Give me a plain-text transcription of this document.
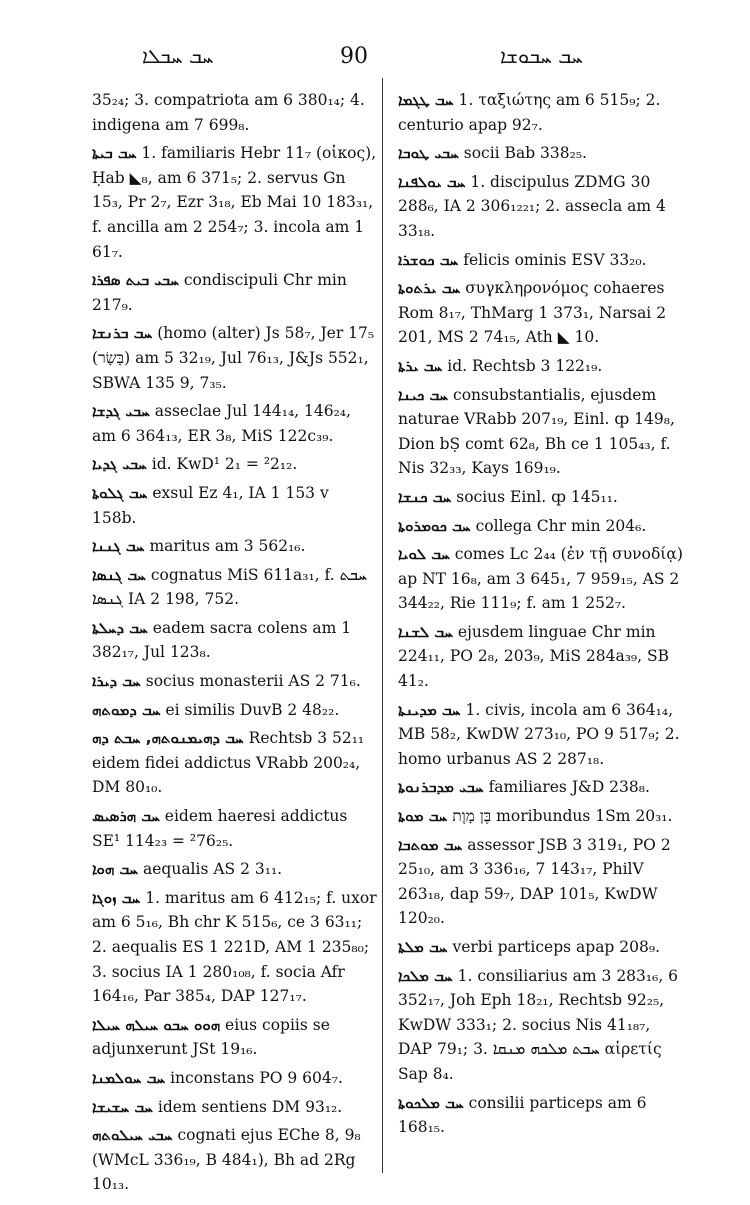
ܚܒ ܚܒܠܐ	90	ܚܒ ܚܒܘܫܐ
35₂₄; 3. compatriota am 6 380₁₄; 4. indigena am 7 699₈.
ܚܒ ܒܝܬܐ 1. familiaris Hebr 11₇ (οἰκος), Ḥab ◣₈, am 6 371₅; 2. servus Gn 15₃, Pr 2₇, Ezr 3₁₈, Eb Mai 10 183₃₁, f. ancilla am 2 254₇; 3. incola am 1 61₇.
ܚܒܝ ܒܝܬ ܣܦܪܐ condiscipuli Chr min 217₉.
ܚܒ ܒܪܢܫܐ (homo (alter) Js 58₇, Jer 17₅ (בָּשָׂר) am 5 32₁₉, Jul 76₁₃, J&Js 552₁, SBWA 135 9, 7₃₅.
ܚܒܝ ܓܕܫܐ asseclae Jul 144₁₄, 146₂₄, am 6 364₁₃, ER 3₈, MiS 122c₃₉.
ܚܒܝ ܓܕܝܐ id. KwD¹ 2₁ = ²2₁₂.
ܚܒ ܓܠܘܬܐ exsul Ez 4₁, IA 1 153 v 158b.
ܚܒ ܓܢܢܐ maritus am 3 562₁₆.
ܚܒ ܓܢܣܐ cognatus MiS 611a₃₁, f. ܚܒܬ ܓܢܣܐ IA 2 198, 752.
ܚܒ ܕܚܠܬܐ eadem sacra colens am 1 382₁₇, Jul 123₈.
ܚܒ ܕܝܪܐ socius monasterii AS 2 71₆.
ܚܒ ܕܡܘܬܗ ei similis DuvB 2 48₂₂.
ܚܒ ܕܗܝܡܢܘܬܗ, ܚܒܬ ܕܗ Rechtsb 3 52₁₁ eidem fidei addictus VRabb 200₂₄, DM 80₁₀.
ܚܒ ܗܪܣܝܣ eidem haeresi addictus SE¹ 114₂₃ = ²76₂₅.
ܚܒ ܗܘܐ aequalis AS 2 3₁₁.
ܚܒ ܙܘܓܐ 1. maritus am 6 412₁₅; f. uxor am 6 5₁₆, Bh chr K 515₆, ce 3 63₁₁; 2. aequalis ES 1 221D, AM 1 235₈₀; 3. socius IA 1 280₁₀₈, f. socia Afr 164₁₆, Par 385₄, DAP 127₁₇.
ܗܘܘ ܚܒܘ ܚܝܠܗ ܚܝܠܐ eius copiis se adjunxerunt JSt 19₁₆.
ܚܒ ܚܘܠܡܢܐ inconstans PO 9 604₇.
ܚܒ ܚܫܝܫܐ idem sentiens DM 93₁₂.
ܚܒܝ ܚܝܠܘܬܗ cognati ejus EChe 8, 9₈ (WMcL 336₁₉, B 484₁), Bh ad 2Rg 10₁₃.
ܚܒ ܛܓܡܐ 1. ταξιώτης am 6 515₉; 2. centurio apap 92₇.
ܚܒܝ ܛܘܒܐ socii Bab 338₂₅.
ܚܒ ܝܘܠܦܢܐ 1. discipulus ZDMG 30 288₆, IA 2 306₁₂₂₁; 2. assecla am 4 33₁₈.
ܚܒ ܟܘܫܪܐ felicis ominis ESV 33₂₀.
ܚܒ ܝܪܬܘܬܐ συγκληρονόμος cohaeres Rom 8₁₇, ThMarg 1 373₁, Narsai 2 201, MS 2 74₁₅, Ath ◣ 10.
ܚܒ ܝܪܬܐ id. Rechtsb 3 122₁₉.
ܚܒ ܟܝܢܐ consubstantialis, ejusdem naturae VRabb 207₁₉, Einl. ȹ 149₈, Dion bṢ comt 62₈, Bh ce 1 105₄₃, f. Nis 32₃₃, Kays 169₁₉.
ܚܒ ܟܢܫܐ socius Einl. ȹ 145₁₁.
ܚܒ ܟܘܡܪܘܬܐ collega Chr min 204₆.
ܚܒ ܠܘܝܐ comes Lc 2₄₄ (ἐν τῇ συνοδίᾳ) ap NT 16₈, am 3 645₁, 7 959₁₅, AS 2 344₂₂, Rie 111₉; f. am 1 252₇.
ܚܒ ܠܫܢܐ ejusdem linguae Chr min 224₁₁, PO 2₈, 203₉, MiS 284a₃₉, SB 41₂.
ܚܒ ܡܕܝܢܬܐ 1. civis, incola am 6 364₁₄, MB 58₂, KwDW 273₁₀, PO 9 517₉; 2. homo urbanus AS 2 287₁₈.
ܚܒܝ ܡܕܒܪܢܘܬܐ familiares J&D 238₈.
ܚܒ ܡܘܬܐ בֶּן מָוֶת moribundus 1Sm 20₃₁.
ܚܒ ܡܘܬܒܐ assessor JSB 3 319₁, PO 2 25₁₀, am 3 336₁₆, 7 143₁₇, PhilV 263₁₈, dap 59₇, DAP 101₅, KwDW 120₂₀.
ܚܒ ܡܠܬܐ verbi particeps apap 208₉.
ܚܒ ܡܠܟܐ 1. consiliarius am 3 283₁₆, 6 352₁₇, Joh Eph 18₂₁, Rechtsb 92₂₅, KwDW 333₁; 2. socius Nis 41₁₈₇, DAP 79₁; 3. ܚܒܬ ܡܠܟܗ ܡܢܩܐ αἱρετίς Sap 8₄.
ܚܒ ܡܠܟܘܬܐ consilii particeps am 6 168₁₅.
